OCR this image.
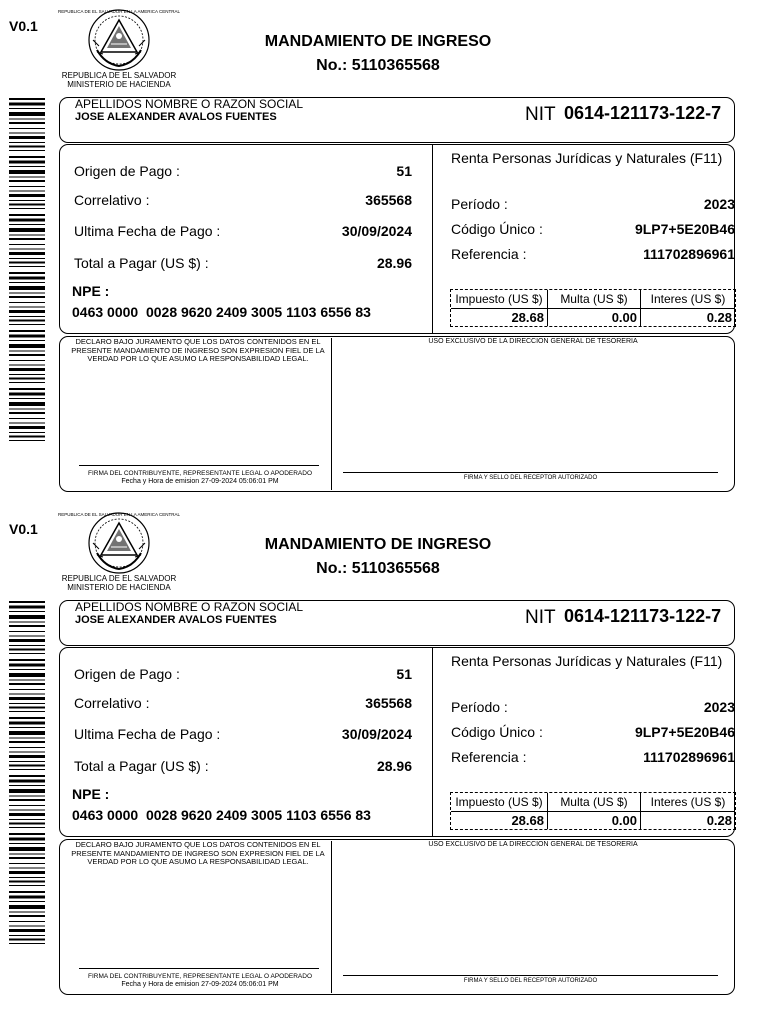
V0.1
REPUBLICA DE EL SALVADOR EN LA AMERICA CENTRAL
REPUBLICA DE EL SALVADOR
MINISTERIO DE HACIENDA
MANDAMIENTO DE INGRESO
No.: 5110365568
APELLIDOS NOMBRE O RAZON SOCIAL
JOSE ALEXANDER AVALOS FUENTES	NIT 0614-121173-122-7
Origen de Pago :	51
Correlativo :	365568
Ultima Fecha de Pago :	30/09/2024
Total a Pagar (US $) :	28.96
NPE :
0463 0000  0028 9620 2409 3005 1103 6556 83
Renta Personas Jurídicas y Naturales (F11)
Período :	2023
Código Único :	9LP7+5E20B46
Referencia :	111702896961
Impuesto (US $)	Multa (US $)	Interes (US $)
28.68	0.00	0.28
DECLARO BAJO JURAMENTO QUE LOS DATOS CONTENIDOS EN EL PRESENTE MANDAMIENTO DE INGRESO SON EXPRESION FIEL DE LA VERDAD POR LO QUE ASUMO LA RESPONSABILIDAD LEGAL.
USO EXCLUSIVO DE LA DIRECCION GENERAL DE TESORERIA
FIRMA DEL CONTRIBUYENTE, REPRESENTANTE LEGAL O APODERADO
Fecha y Hora de emision 27-09-2024 05:06:01 PM	FIRMA Y SELLO DEL RECEPTOR AUTORIZADO
V0.1
REPUBLICA DE EL SALVADOR EN LA AMERICA CENTRAL
REPUBLICA DE EL SALVADOR
MINISTERIO DE HACIENDA
MANDAMIENTO DE INGRESO
No.: 5110365568
APELLIDOS NOMBRE O RAZON SOCIAL
JOSE ALEXANDER AVALOS FUENTES	NIT 0614-121173-122-7
Origen de Pago :	51
Correlativo :	365568
Ultima Fecha de Pago :	30/09/2024
Total a Pagar (US $) :	28.96
NPE :
0463 0000  0028 9620 2409 3005 1103 6556 83
Renta Personas Jurídicas y Naturales (F11)
Período :	2023
Código Único :	9LP7+5E20B46
Referencia :	111702896961
Impuesto (US $)	Multa (US $)	Interes (US $)
28.68	0.00	0.28
DECLARO BAJO JURAMENTO QUE LOS DATOS CONTENIDOS EN EL PRESENTE MANDAMIENTO DE INGRESO SON EXPRESION FIEL DE LA VERDAD POR LO QUE ASUMO LA RESPONSABILIDAD LEGAL.
USO EXCLUSIVO DE LA DIRECCION GENERAL DE TESORERIA
FIRMA DEL CONTRIBUYENTE, REPRESENTANTE LEGAL O APODERADO
Fecha y Hora de emision 27-09-2024 05:06:01 PM	FIRMA Y SELLO DEL RECEPTOR AUTORIZADO
